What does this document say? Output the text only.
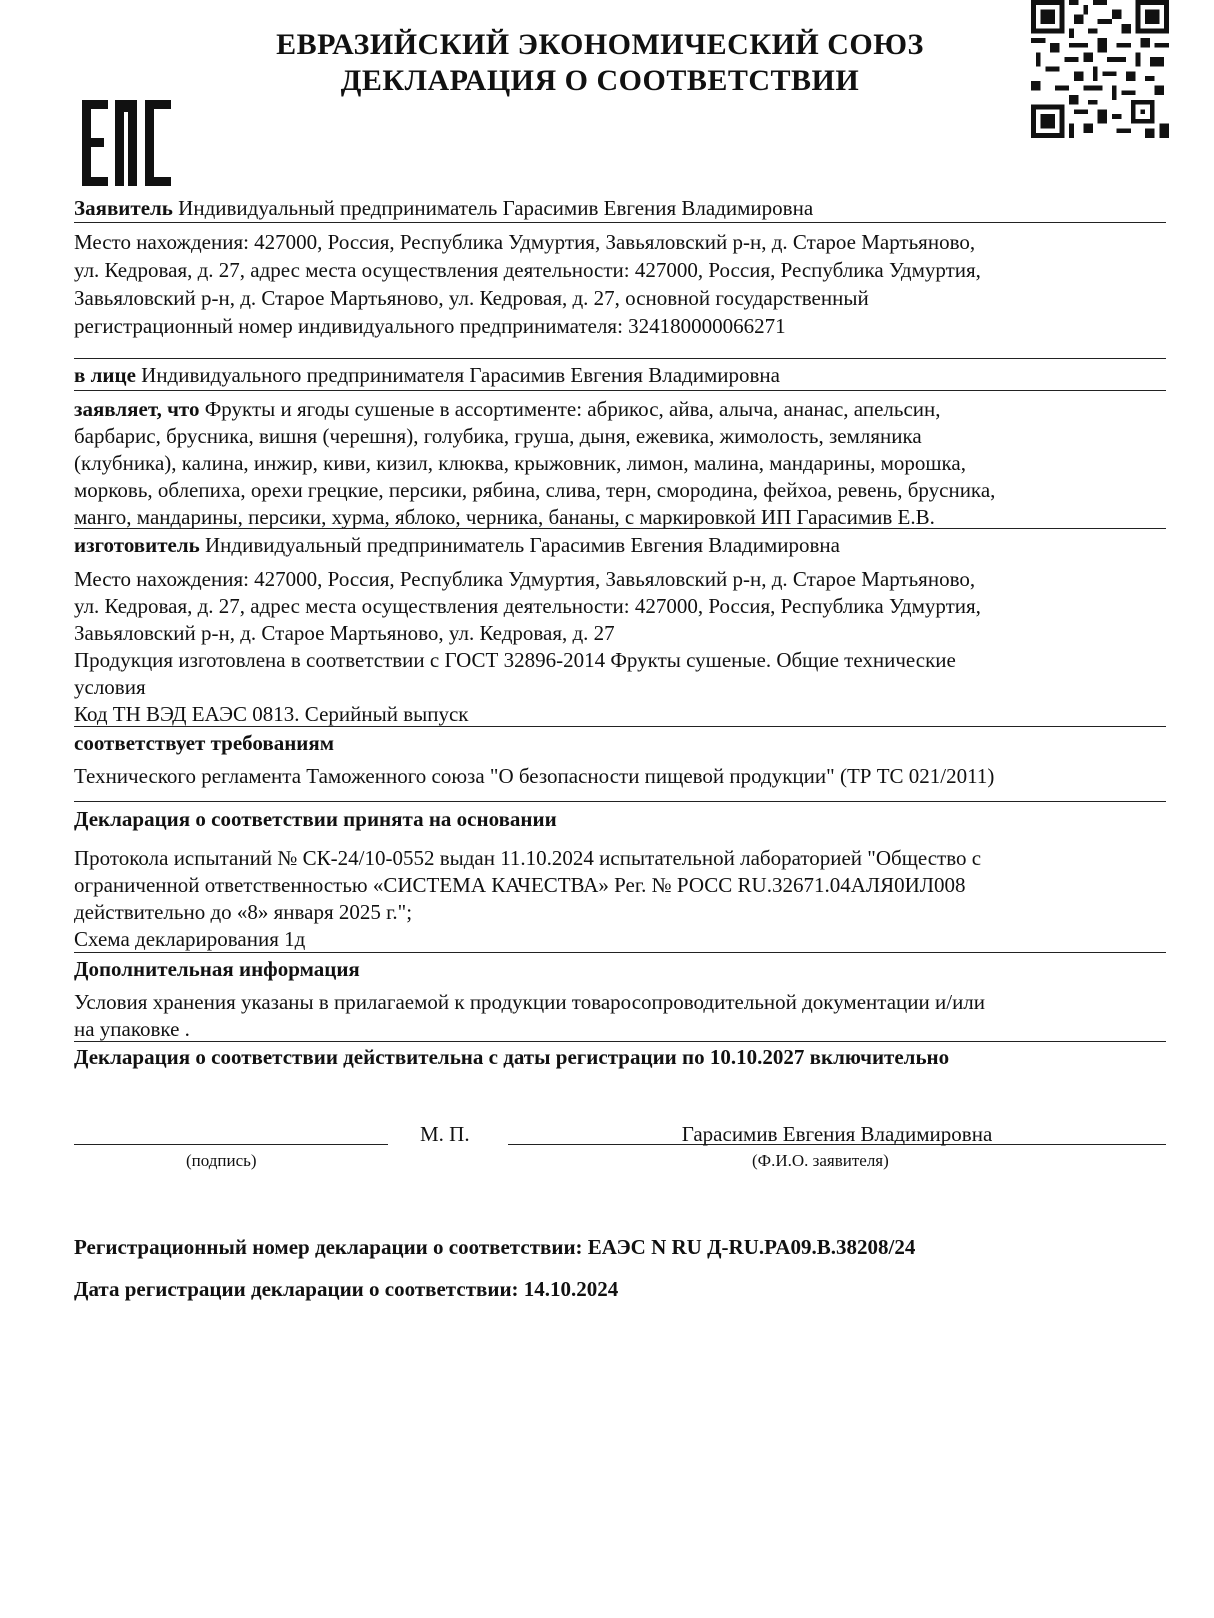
ЕВРАЗИЙСКИЙ ЭКОНОМИЧЕСКИЙ СОЮЗ
ДЕКЛАРАЦИЯ О СООТВЕТСТВИИ
Заявитель Индивидуальный предприниматель Гарасимив Евгения Владимировна
Место нахождения: 427000, Россия, Республика Удмуртия, Завьяловский р-н, д. Старое Мартьяново,
ул. Кедровая, д. 27, адрес места осуществления деятельности: 427000, Россия, Республика Удмуртия,
Завьяловский р-н, д. Старое Мартьяново, ул. Кедровая, д. 27, основной государственный
регистрационный номер индивидуального предпринимателя: 324180000066271
в лице Индивидуального предпринимателя Гарасимив Евгения Владимировна
заявляет, что Фрукты и ягоды сушеные в ассортименте: абрикос, айва, алыча, ананас, апельсин,
барбарис, брусника, вишня (черешня), голубика, груша, дыня, ежевика, жимолость, земляника
(клубника), калина, инжир, киви, кизил, клюква, крыжовник, лимон, малина, мандарины, морошка,
морковь, облепиха, орехи грецкие, персики, рябина, слива, терн, смородина, фейхоа, ревень, брусника,
манго, мандарины, персики, хурма, яблоко, черника, бананы, с маркировкой ИП Гарасимив Е.В.
изготовитель Индивидуальный предприниматель Гарасимив Евгения Владимировна
Место нахождения: 427000, Россия, Республика Удмуртия, Завьяловский р-н, д. Старое Мартьяново,
ул. Кедровая, д. 27, адрес места осуществления деятельности: 427000, Россия, Республика Удмуртия,
Завьяловский р-н, д. Старое Мартьяново, ул. Кедровая, д. 27
Продукция изготовлена в соответствии с ГОСТ 32896-2014 Фрукты сушеные. Общие технические
условия
Код ТН ВЭД ЕАЭС 0813. Серийный выпуск
соответствует требованиям
Технического регламента Таможенного союза "О безопасности пищевой продукции" (ТР ТС 021/2011)
Декларация о соответствии принята на основании
Протокола испытаний № СК-24/10-0552 выдан 11.10.2024 испытательной лабораторией "Общество с
ограниченной ответственностью «СИСТЕМА КАЧЕСТВА» Рег. № РОСС RU.32671.04АЛЯ0ИЛ008
действительно до «8» января 2025 г.";
Схема декларирования 1д
Дополнительная информация
Условия хранения указаны в прилагаемой к продукции товаросопроводительной документации и/или
на упаковке .
Декларация о соответствии действительна с даты регистрации по 10.10.2027 включительно
М. П.	Гарасимив Евгения Владимировна
(подпись)	(Ф.И.О. заявителя)
Регистрационный номер декларации о соответствии: ЕАЭС N RU Д-RU.PA09.B.38208/24
Дата регистрации декларации о соответствии: 14.10.2024
